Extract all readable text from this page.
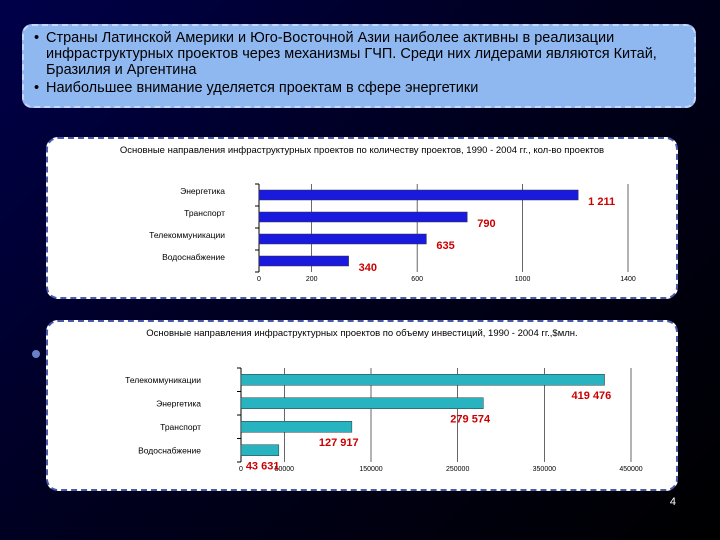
• Страны Латинской Америки и Юго-Восточной Азии наиболее активны в реализации инфраструктурных проектов через механизмы ГЧП. Среди них лидерами являются Китай, Бразилия и Аргентина
• Наибольшее внимание уделяется проектам в сфере энергетики
Основные направления инфраструктурных проектов по количеству проектов, 1990 - 2004 гг., кол-во проектов
0	200	600	1000	1400
Энергетика
1 211
Транспорт
790
Телекоммуникации
635
Водоснабжение
340
Основные направления инфраструктурных проектов по объему инвестиций, 1990 - 2004 гг.,$млн.
0	50000	150000	250000	350000	450000
Телекоммуникации
419 476
Энергетика
279 574
Транспорт
127 917
Водоснабжение
43 631
4
